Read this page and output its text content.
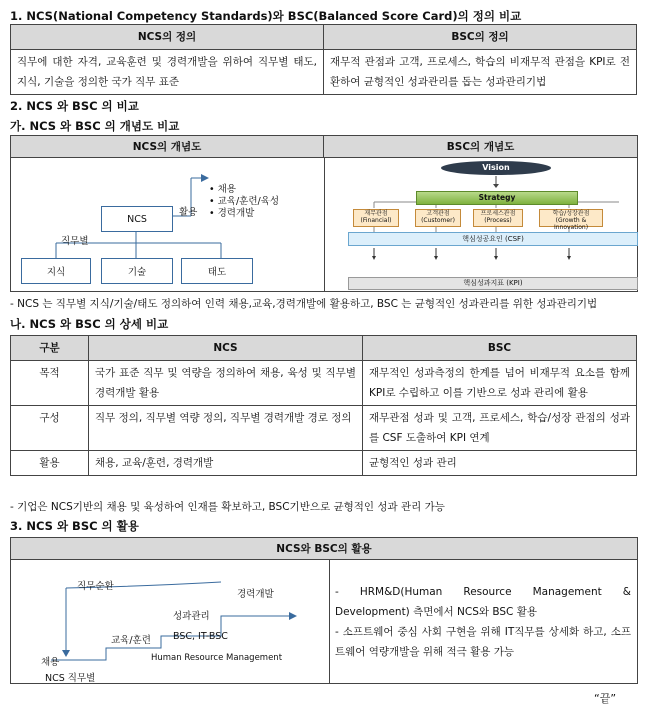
1. NCS(National Competency Standards)와 BSC(Balanced Score Card)의 정의 비교
NCS의 정의	BSC의 정의
직무에 대한 자격, 교육훈련 및 경력개발을 위하여 직무별 태도, 지식, 기술을 정의한 국가 직무 표준	재무적 관점과 고객, 프로세스, 학습의 비재무적 관점을 KPI로 전환하여 균형적인 성과관리를 돕는 성과관리기법
2. NCS 와 BSC 의 비교
가. NCS 와 BSC 의 개념도 비교
NCS의 개념도	BSC의 개념도
NCS
직무별
활용
• 채용
• 교육/훈련/육성
• 경력개발
지식	기술	태도
Vision
Strategy
재무관점
(Financial)
고객관점
(Customer)
프로세스관점
(Process)
학습/성장관점
(Growth & Innovation)
핵심성공요인 (CSF)
핵심성과지표 (KPI)
- NCS 는 직무별 지식/기술/태도 정의하여 인력 채용,교육,경력개발에 활용하고, BSC 는 균형적인 성과관리를 위한 성과관리기법
나. NCS 와 BSC 의 상세 비교
구분	NCS	BSC
목적	국가 표준 직무 및 역량을 정의하여 채용, 육성 및 직무별 경력개발 활용	재무적인 성과측정의 한계를 넘어 비재무적 요소를 함께 KPI로 수립하고 이를 기반으로 성과 관리에 활용
구성	직무 정의, 직무별 역량 정의, 직무별 경력개발 경로 정의	재무관점 성과 및 고객, 프로세스, 학습/성장 관점의 성과를 CSF 도출하여 KPI 연계
활용	채용, 교육/훈련, 경력개발	균형적인 성과 관리
- 기업은 NCS기반의 채용 및 육성하여 인재를 확보하고, BSC기반으로 균형적인 성과 관리 가능
3. NCS 와 BSC 의 활용
NCS와 BSC의 활용
직무순환
채용
교육/훈련
성과관리
경력개발
NCS 직무별
BSC, IT-BSC
Human Resource Management
- HRM&D(Human Resource Management & Development) 측면에서 NCS와 BSC 활용
- 소프트웨어 중심 사회 구현을 위해 IT직무를 상세화 하고, 소프트웨어 역량개발을 위해 적극 활용 가능
“끝”
